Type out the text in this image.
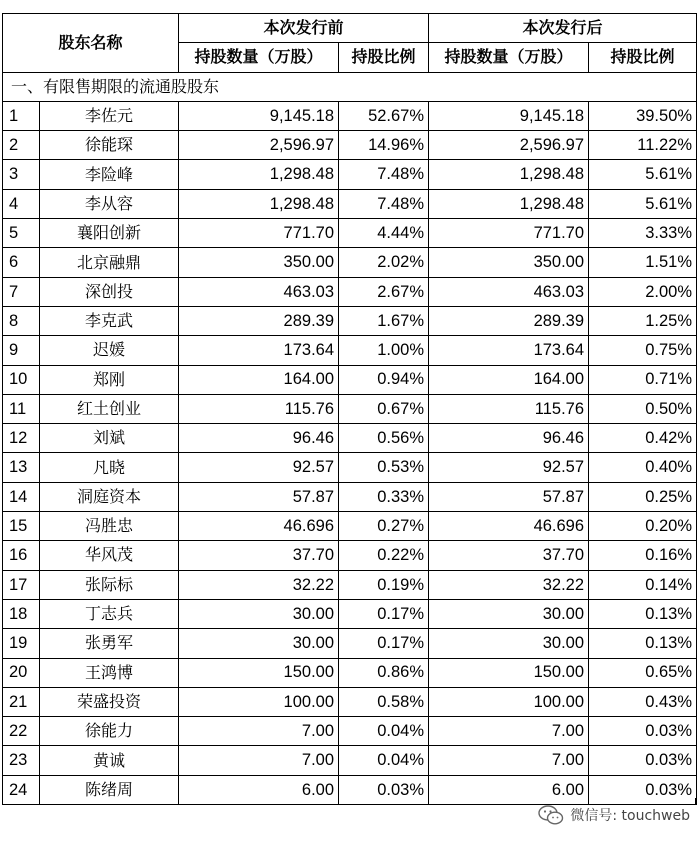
股东名称		本次发行前		本次发行后	
		持股数量（万股）	持股比例	持股数量（万股）	持股比例
一、有限售期限的流通股股东					
1	李佐元	9,145.18	52.67%	9,145.18	39.50%
2	徐能琛	2,596.97	14.96%	2,596.97	11.22%
3	李险峰	1,298.48	7.48%	1,298.48	5.61%
4	李从容	1,298.48	7.48%	1,298.48	5.61%
5	襄阳创新	771.70	4.44%	771.70	3.33%
6	北京融鼎	350.00	2.02%	350.00	1.51%
7	深创投	463.03	2.67%	463.03	2.00%
8	李克武	289.39	1.67%	289.39	1.25%
9	迟媛	173.64	1.00%	173.64	0.75%
10	郑刚	164.00	0.94%	164.00	0.71%
11	红土创业	115.76	0.67%	115.76	0.50%
12	刘斌	96.46	0.56%	96.46	0.42%
13	凡晓	92.57	0.53%	92.57	0.40%
14	洞庭资本	57.87	0.33%	57.87	0.25%
15	冯胜忠	46.696	0.27%	46.696	0.20%
16	华风茂	37.70	0.22%	37.70	0.16%
17	张际标	32.22	0.19%	32.22	0.14%
18	丁志兵	30.00	0.17%	30.00	0.13%
19	张勇军	30.00	0.17%	30.00	0.13%
20	王鸿博	150.00	0.86%	150.00	0.65%
21	荣盛投资	100.00	0.58%	100.00	0.43%
22	徐能力	7.00	0.04%	7.00	0.03%
23	黄诚	7.00	0.04%	7.00	0.03%
24	陈绪周	6.00	0.03%	6.00	0.03%
微信号: touchweb
